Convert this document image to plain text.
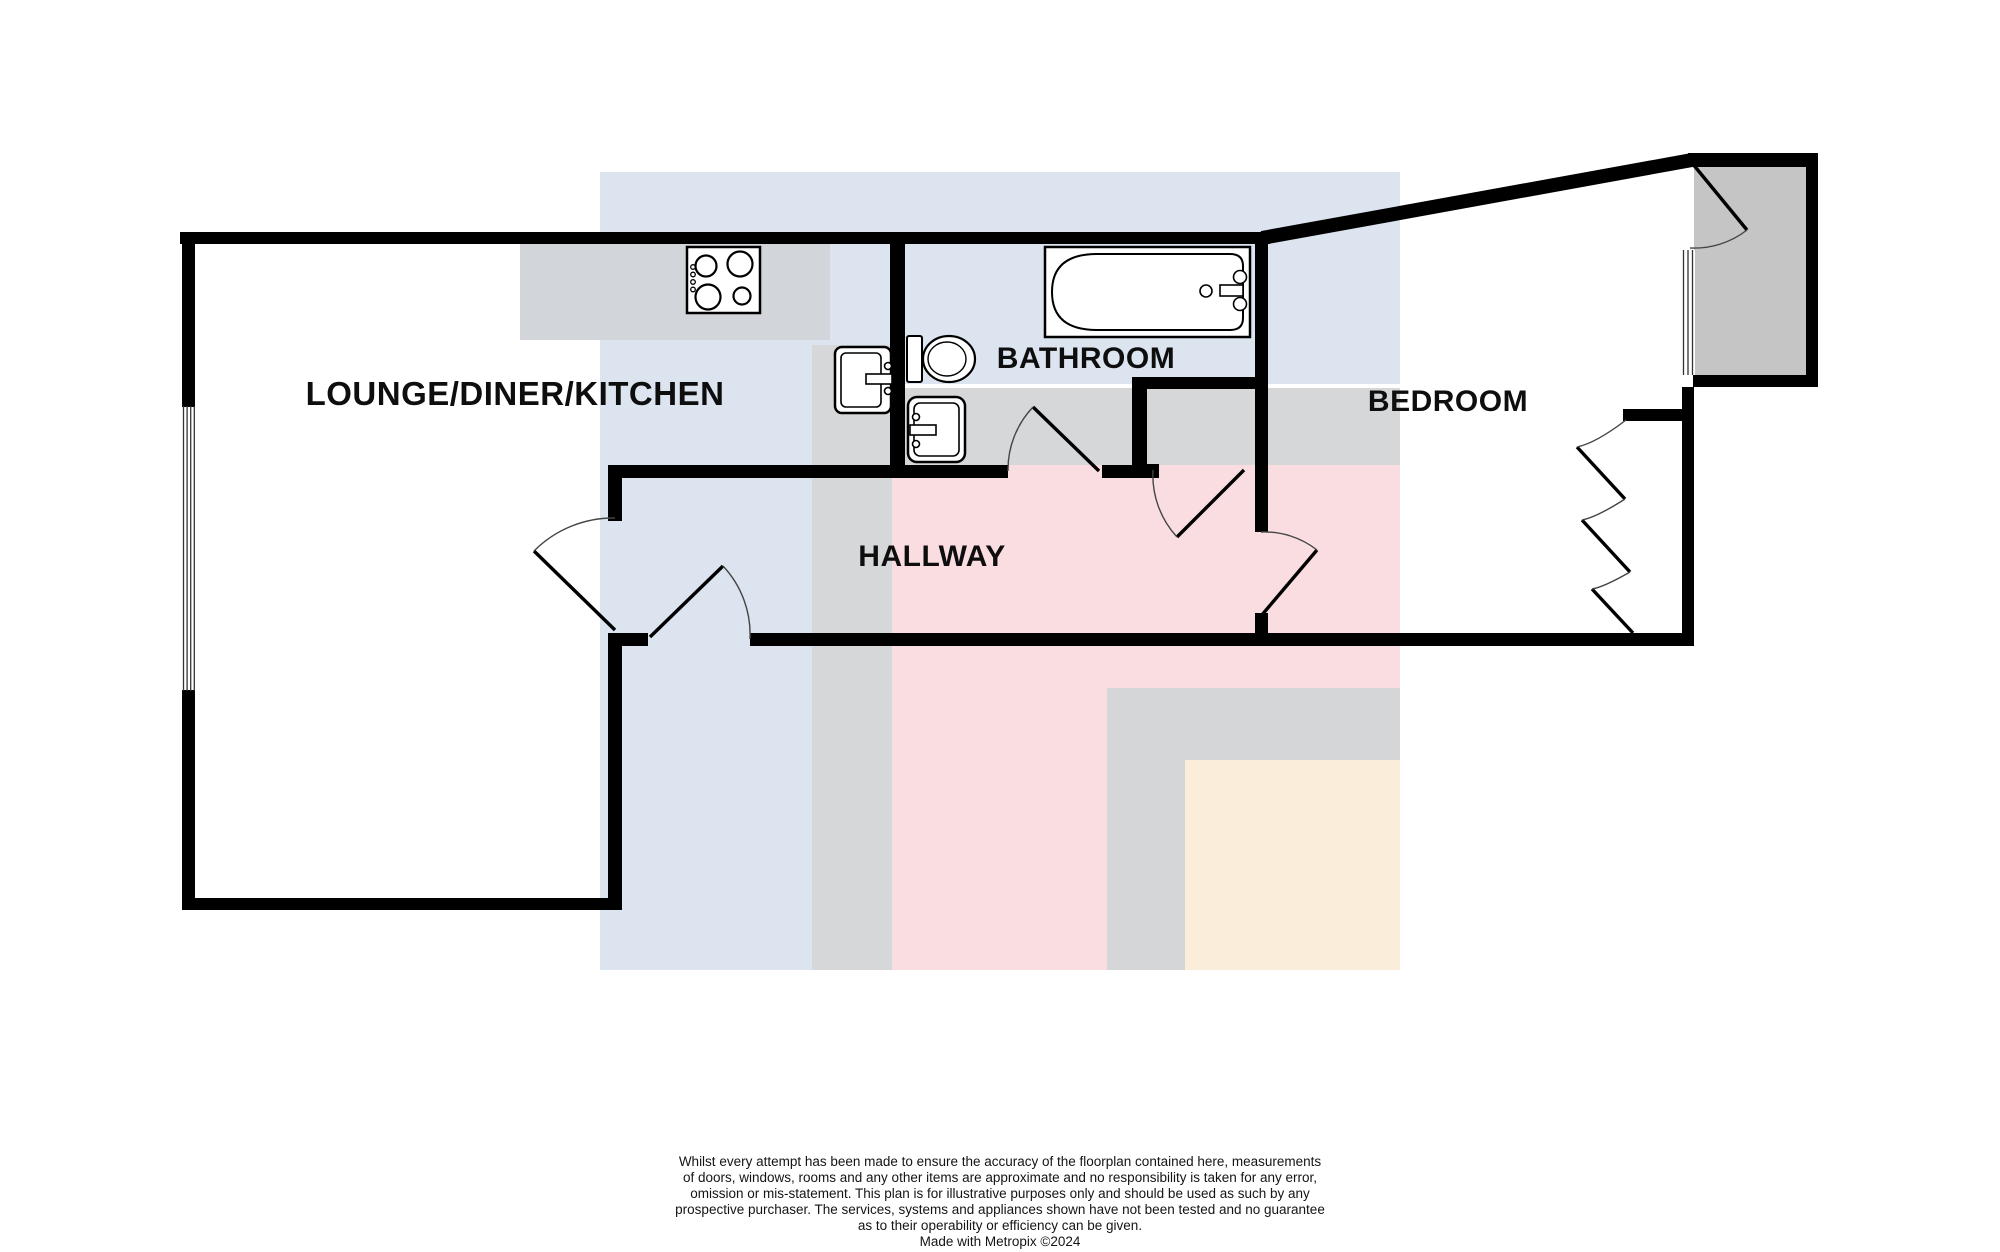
LOUNGE/DINER/KITCHEN
BATHROOM
HALLWAY
BEDROOM
Whilst every attempt has been made to ensure the accuracy of the floorplan contained here, measurements
of doors, windows, rooms and any other items are approximate and no responsibility is taken for any error,
omission or mis-statement. This plan is for illustrative purposes only and should be used as such by any
prospective purchaser. The services, systems and appliances shown have not been tested and no guarantee
as to their operability or efficiency can be given.
Made with Metropix ©2024
